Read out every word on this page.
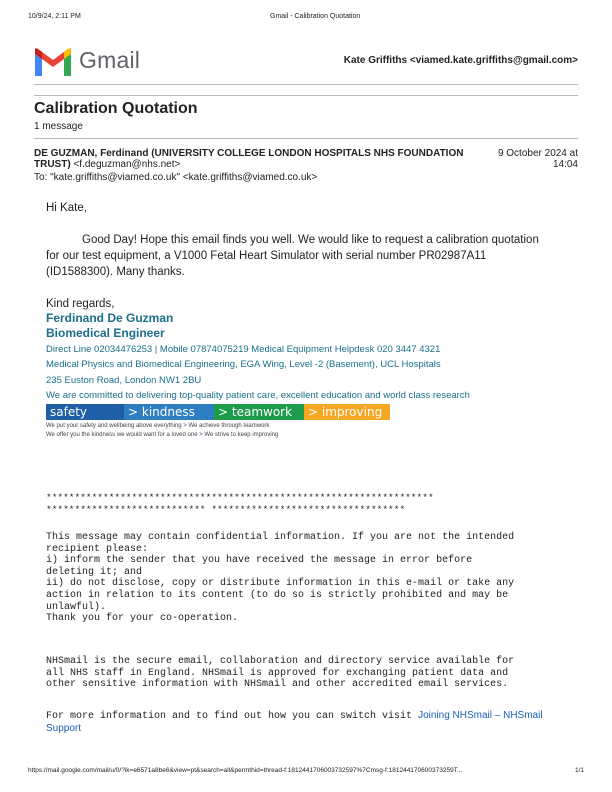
10/9/24, 2:11 PM	Gmail - Calibration Quotation
Gmail	Kate Griffiths <viamed.kate.griffiths@gmail.com>
Calibration Quotation
1 message
DE GUZMAN, Ferdinand (UNIVERSITY COLLEGE LONDON HOSPITALS NHS FOUNDATION TRUST) <f.deguzman@nhs.net>
9 October 2024 at
14:04
To: "kate.griffiths@viamed.co.uk" <kate.griffiths@viamed.co.uk>
Hi Kate,
Good Day! Hope this email finds you well. We would like to request a calibration quotation for our test equipment, a V1000 Fetal Heart Simulator with serial number PR02987A11 (ID1588300). Many thanks.
Kind regards,
Ferdinand De Guzman
Biomedical Engineer
Direct Line 02034476253 | Mobile 07874075219 Medical Equipment Helpdesk 020 3447 4321
Medical Physics and Biomedical Engineering, EGA Wing, Level -2 (Basement), UCL Hospitals
235 Euston Road, London NW1 2BU
We are committed to delivering top-quality patient care, excellent education and world class research
safety	> kindness	> teamwork	> improving
We put your safety and wellbeing above everything > We achieve through teamwork
We offer you the kindness we would want for a loved one > We strive to keep improving
********************************************************************
**************************** **********************************
This message may contain confidential information. If you are not the intended
recipient please:
i) inform the sender that you have received the message in error before
deleting it; and
ii) do not disclose, copy or distribute information in this e-mail or take any
action in relation to its content (to do so is strictly prohibited and may be
unlawful).
Thank you for your co-operation.
NHSmail is the secure email, collaboration and directory service available for
all NHS staff in England. NHSmail is approved for exchanging patient data and
other sensitive information with NHSmail and other accredited email services.
For more information and to find out how you can switch visit Joining NHSmail – NHSmail Support
https://mail.google.com/mail/u/0/?ik=e6571a8be6&view=pt&search=all&permthid=thread-f:1812441706003732597%7Cmsg-f:181244170600373259T...	1/1
